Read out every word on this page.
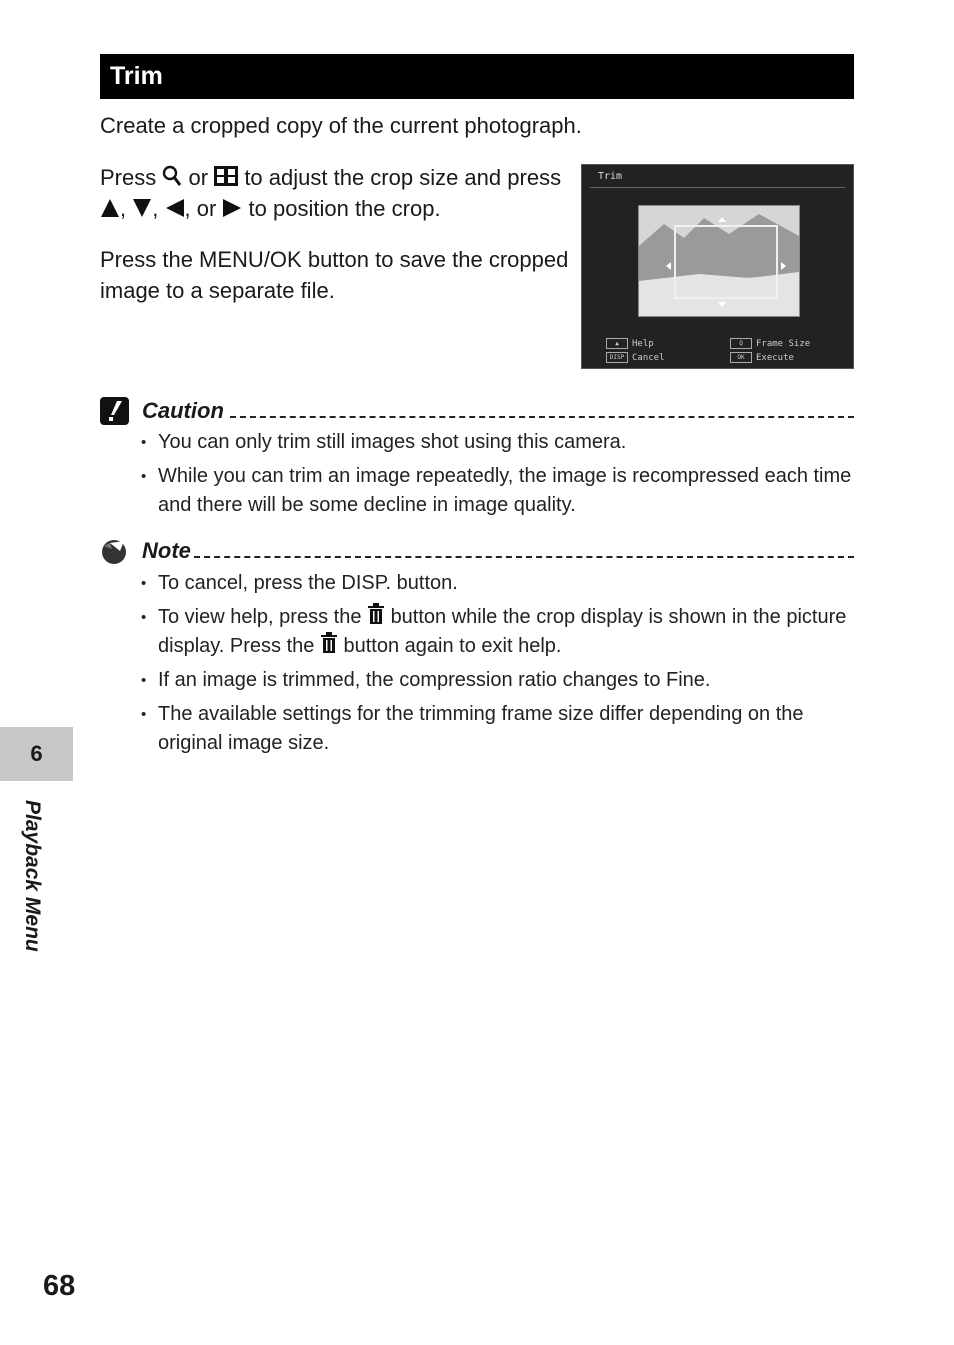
Trim
Create a cropped copy of the current photograph.

Press or to adjust the crop size and press
, , , or to position the crop.

Press the MENU/OK button to save the cropped image to a separate file.

Trim
▲ Help
DISP Cancel
Q Frame Size
OK Execute
Caution
• You can only trim still images shot using this camera.
• While you can trim an image repeatedly, the image is recompressed each time and there will be some decline in image quality.
Note
• To cancel, press the DISP. button.
• To view help, press the button while the crop display is shown in the picture display. Press the button again to exit help.
• If an image is trimmed, the compression ratio changes to Fine.
• The available settings for the trimming frame size differ depending on the original image size.
6
Playback Menu
68
